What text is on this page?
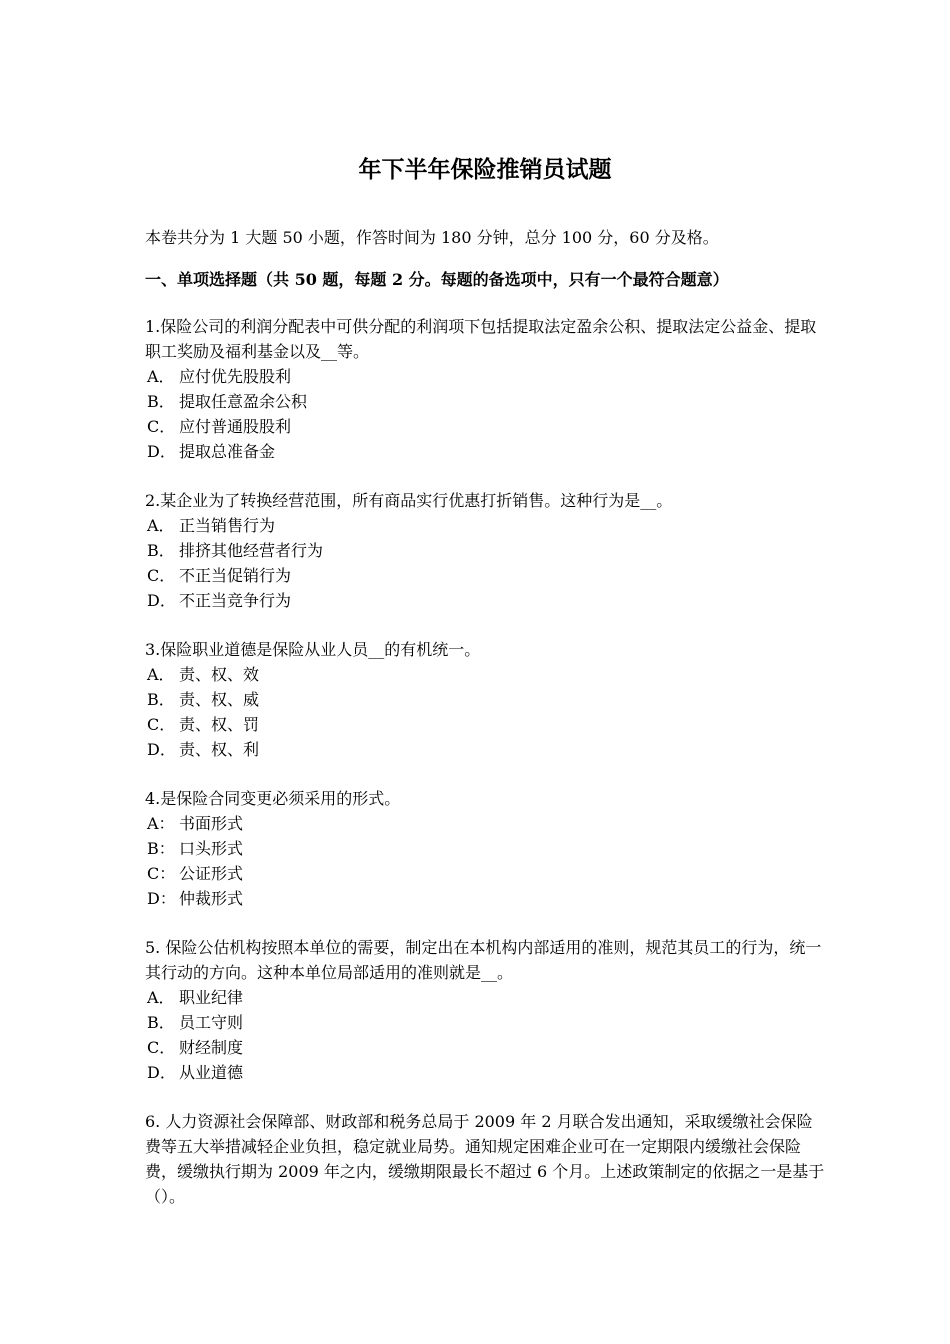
年下半年保险推销员试题

本卷共分为 1 大题 50 小题，作答时间为 180 分钟，总分 100 分，60 分及格。

一、单项选择题（共 50 题，每题 2 分。每题的备选项中，只有一个最符合题意）

1.保险公司的利润分配表中可供分配的利润项下包括提取法定盈余公积、提取法定公益金、提取职工奖励及福利基金以及__等。

A． 应付优先股股利

B． 提取任意盈余公积

C． 应付普通股股利

D． 提取总准备金

2.某企业为了转换经营范围，所有商品实行优惠打折销售。这种行为是__。

A． 正当销售行为

B． 排挤其他经营者行为

C． 不正当促销行为

D． 不正当竞争行为

3.保险职业道德是保险从业人员__的有机统一。

A． 责、权、效

B． 责、权、威

C． 责、权、罚

D． 责、权、利

4.是保险合同变更必须采用的形式。

A： 书面形式

B： 口头形式

C： 公证形式

D： 仲裁形式

5. 保险公估机构按照本单位的需要，制定出在本机构内部适用的准则，规范其员工的行为，统一其行动的方向。这种本单位局部适用的准则就是__。

A． 职业纪律

B． 员工守则

C． 财经制度

D． 从业道德

6. 人力资源社会保障部、财政部和税务总局于 2009 年 2 月联合发出通知，采取缓缴社会保险费等五大举措减轻企业负担，稳定就业局势。通知规定困难企业可在一定期限内缓缴社会保险费，缓缴执行期为 2009 年之内，缓缴期限最长不超过 6 个月。上述政策制定的依据之一是基于（）。
